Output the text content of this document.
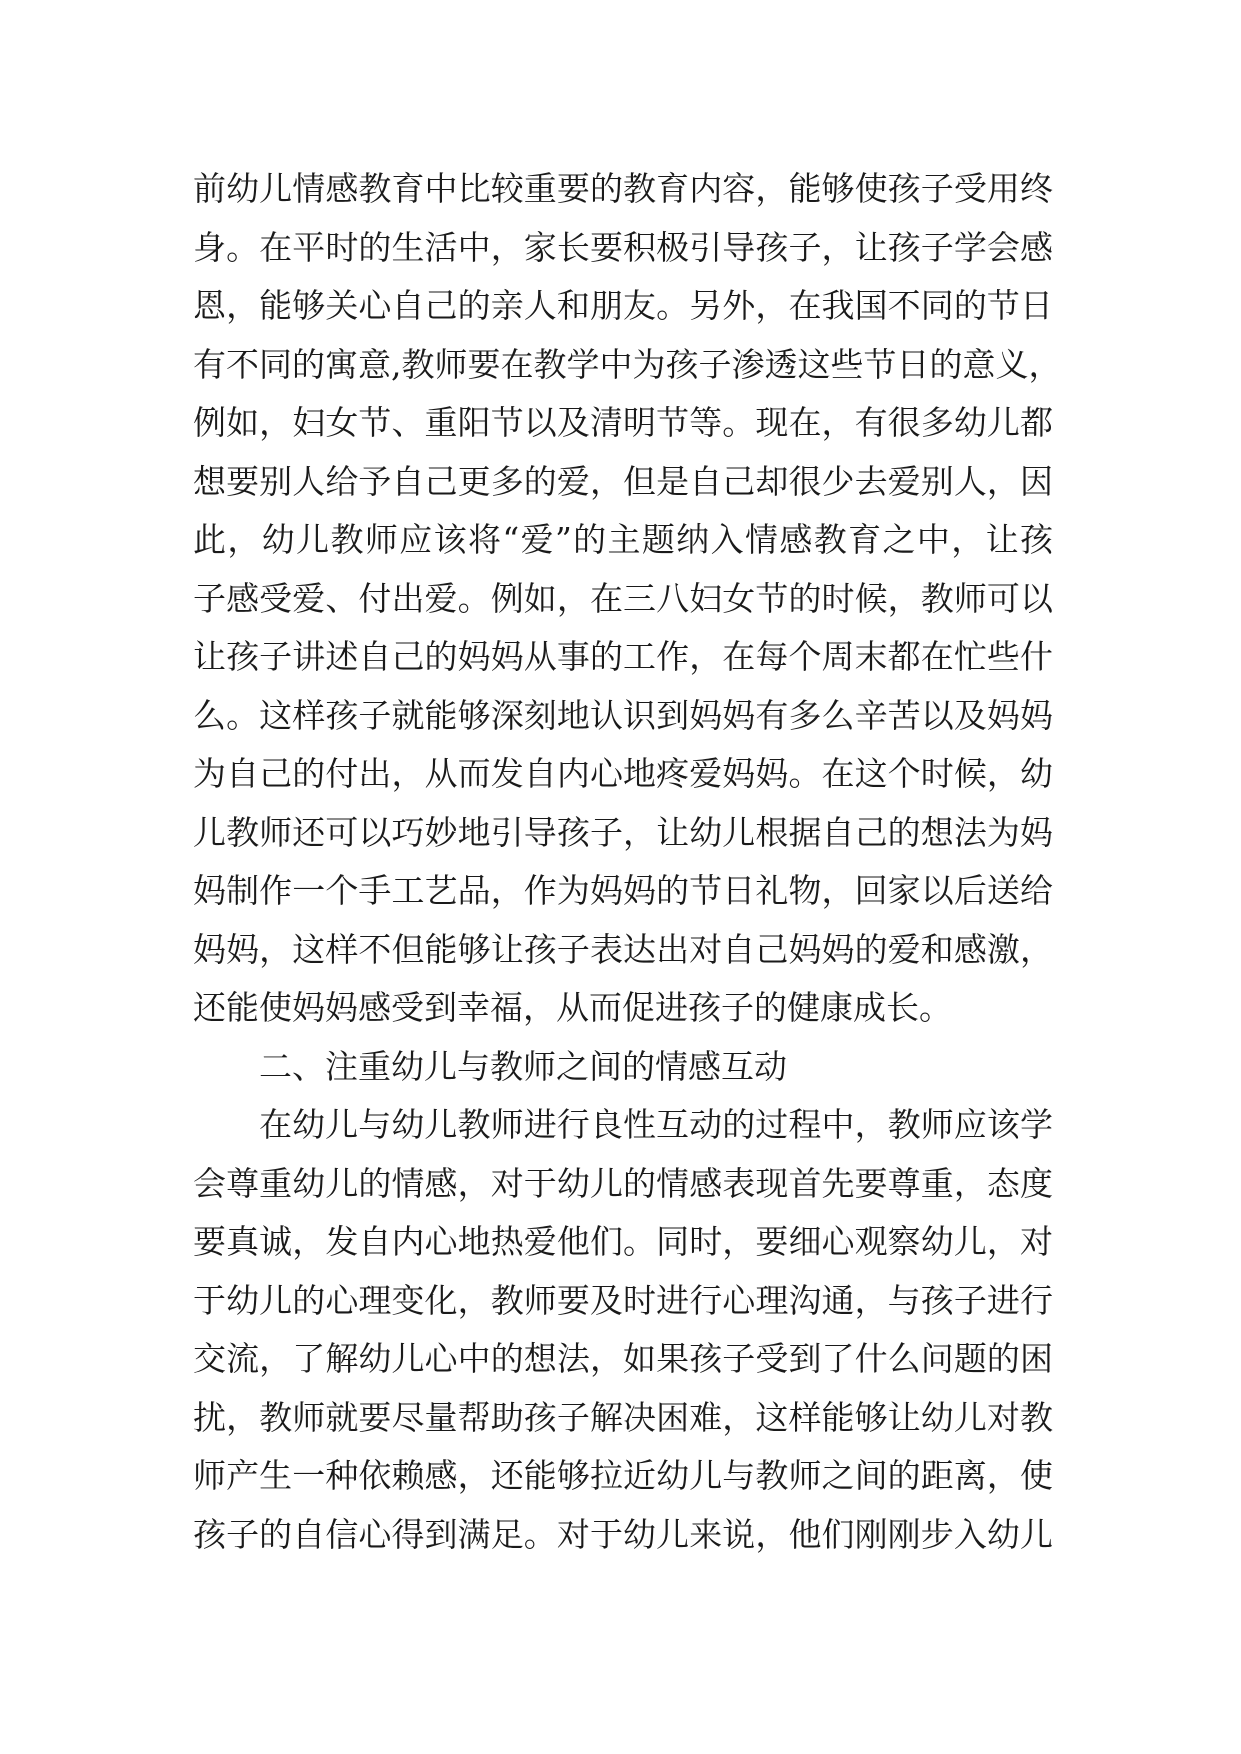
前幼儿情感教育中比较重要的教育内容，能够使孩子受用终
身。在平时的生活中，家长要积极引导孩子，让孩子学会感
恩，能够关心自己的亲人和朋友。另外，在我国不同的节日
有不同的寓意,教师要在教学中为孩子渗透这些节日的意义，
例如，妇女节、重阳节以及清明节等。现在，有很多幼儿都
想要别人给予自己更多的爱，但是自己却很少去爱别人，因
此，幼儿教师应该将“爱”的主题纳入情感教育之中，让孩
子感受爱、付出爱。例如，在三八妇女节的时候，教师可以
让孩子讲述自己的妈妈从事的工作，在每个周末都在忙些什
么。这样孩子就能够深刻地认识到妈妈有多么辛苦以及妈妈
为自己的付出，从而发自内心地疼爱妈妈。在这个时候，幼
儿教师还可以巧妙地引导孩子，让幼儿根据自己的想法为妈
妈制作一个手工艺品，作为妈妈的节日礼物，回家以后送给
妈妈，这样不但能够让孩子表达出对自己妈妈的爱和感激，
还能使妈妈感受到幸福，从而促进孩子的健康成长。
二、注重幼儿与教师之间的情感互动
在幼儿与幼儿教师进行良性互动的过程中，教师应该学
会尊重幼儿的情感，对于幼儿的情感表现首先要尊重，态度
要真诚，发自内心地热爱他们。同时，要细心观察幼儿，对
于幼儿的心理变化，教师要及时进行心理沟通，与孩子进行
交流，了解幼儿心中的想法，如果孩子受到了什么问题的困
扰，教师就要尽量帮助孩子解决困难，这样能够让幼儿对教
师产生一种依赖感，还能够拉近幼儿与教师之间的距离，使
孩子的自信心得到满足。对于幼儿来说，他们刚刚步入幼儿
